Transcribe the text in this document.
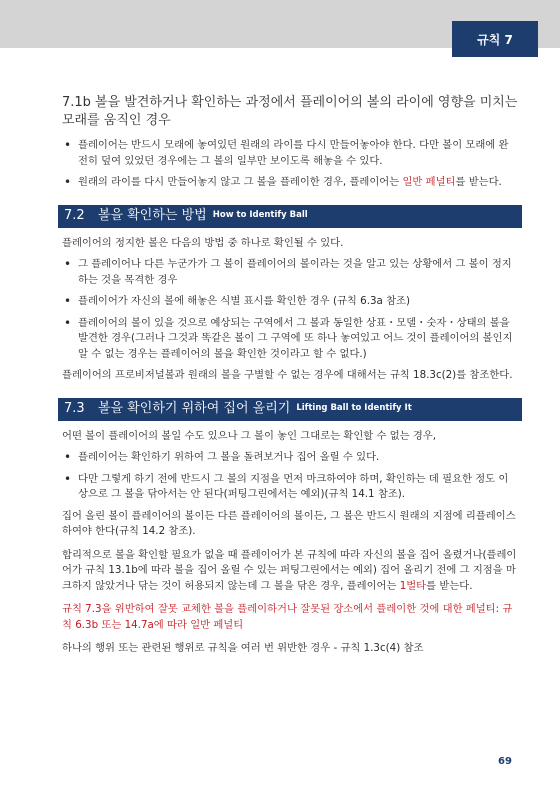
규칙 7

7.1b 볼을 발견하거나 확인하는 과정에서 플레이어의 볼의 라이에 영향을 미치는 모래를 움직인 경우

• 플레이어는 반드시 모래에 놓여있던 원래의 라이를 다시 만들어놓아야 한다. 다만 볼이 모래에 완전히 덮여 있었던 경우에는 그 볼의 일부만 보이도록 해놓을 수 있다.
• 원래의 라이를 다시 만들어놓지 않고 그 볼을 플레이한 경우, 플레이어는 일반 페널티를 받는다.
7.2	볼을 확인하는 방법 How to Identify Ball

플레이어의 정지한 볼은 다음의 방법 중 하나로 확인될 수 있다.

• 그 플레이어나 다른 누군가가 그 볼이 플레이어의 볼이라는 것을 알고 있는 상황에서 그 볼이 정지하는 것을 목격한 경우
• 플레이어가 자신의 볼에 해놓은 식별 표시를 확인한 경우 (규칙 6.3a 참조)
• 플레이어의 볼이 있을 것으로 예상되는 구역에서 그 볼과 동일한 상표・모델・숫자・상태의 볼을 발견한 경우(그러나 그것과 똑같은 볼이 그 구역에 또 하나 놓여있고 어느 것이 플레이어의 볼인지 알 수 없는 경우는 플레이어의 볼을 확인한 것이라고 할 수 없다.)

플레이어의 프로비저널볼과 원래의 볼을 구별할 수 없는 경우에 대해서는 규칙 18.3c(2)를 참조한다.

7.3	볼을 확인하기 위하여 집어 올리기 Lifting Ball to Identify It

어떤 볼이 플레이어의 볼일 수도 있으나 그 볼이 놓인 그대로는 확인할 수 없는 경우,

• 플레이어는 확인하기 위하여 그 볼을 돌려보거나 집어 올릴 수 있다.
• 다만 그렇게 하기 전에 반드시 그 볼의 지점을 먼저 마크하여야 하며, 확인하는 데 필요한 정도 이상으로 그 볼을 닦아서는 안 된다(퍼팅그린에서는 예외)(규칙 14.1 참조).

집어 올린 볼이 플레이어의 볼이든 다른 플레이어의 볼이든, 그 볼은 반드시 원래의 지점에 리플레이스하여야 한다(규칙 14.2 참조).

합리적으로 볼을 확인할 필요가 없을 때 플레이어가 본 규칙에 따라 자신의 볼을 집어 올렸거나(플레이어가 규칙 13.1b에 따라 볼을 집어 올릴 수 있는 퍼팅그린에서는 예외) 집어 올리기 전에 그 지점을 마크하지 않았거나 닦는 것이 허용되지 않는데 그 볼을 닦은 경우, 플레이어는 1벌타를 받는다.

규칙 7.3을 위반하여 잘못 교체한 볼을 플레이하거나 잘못된 장소에서 플레이한 것에 대한 페널티: 규칙 6.3b 또는 14.7a에 따라 일반 페널티

하나의 행위 또는 관련된 행위로 규칙을 여러 번 위반한 경우 - 규칙 1.3c(4) 참조

69
